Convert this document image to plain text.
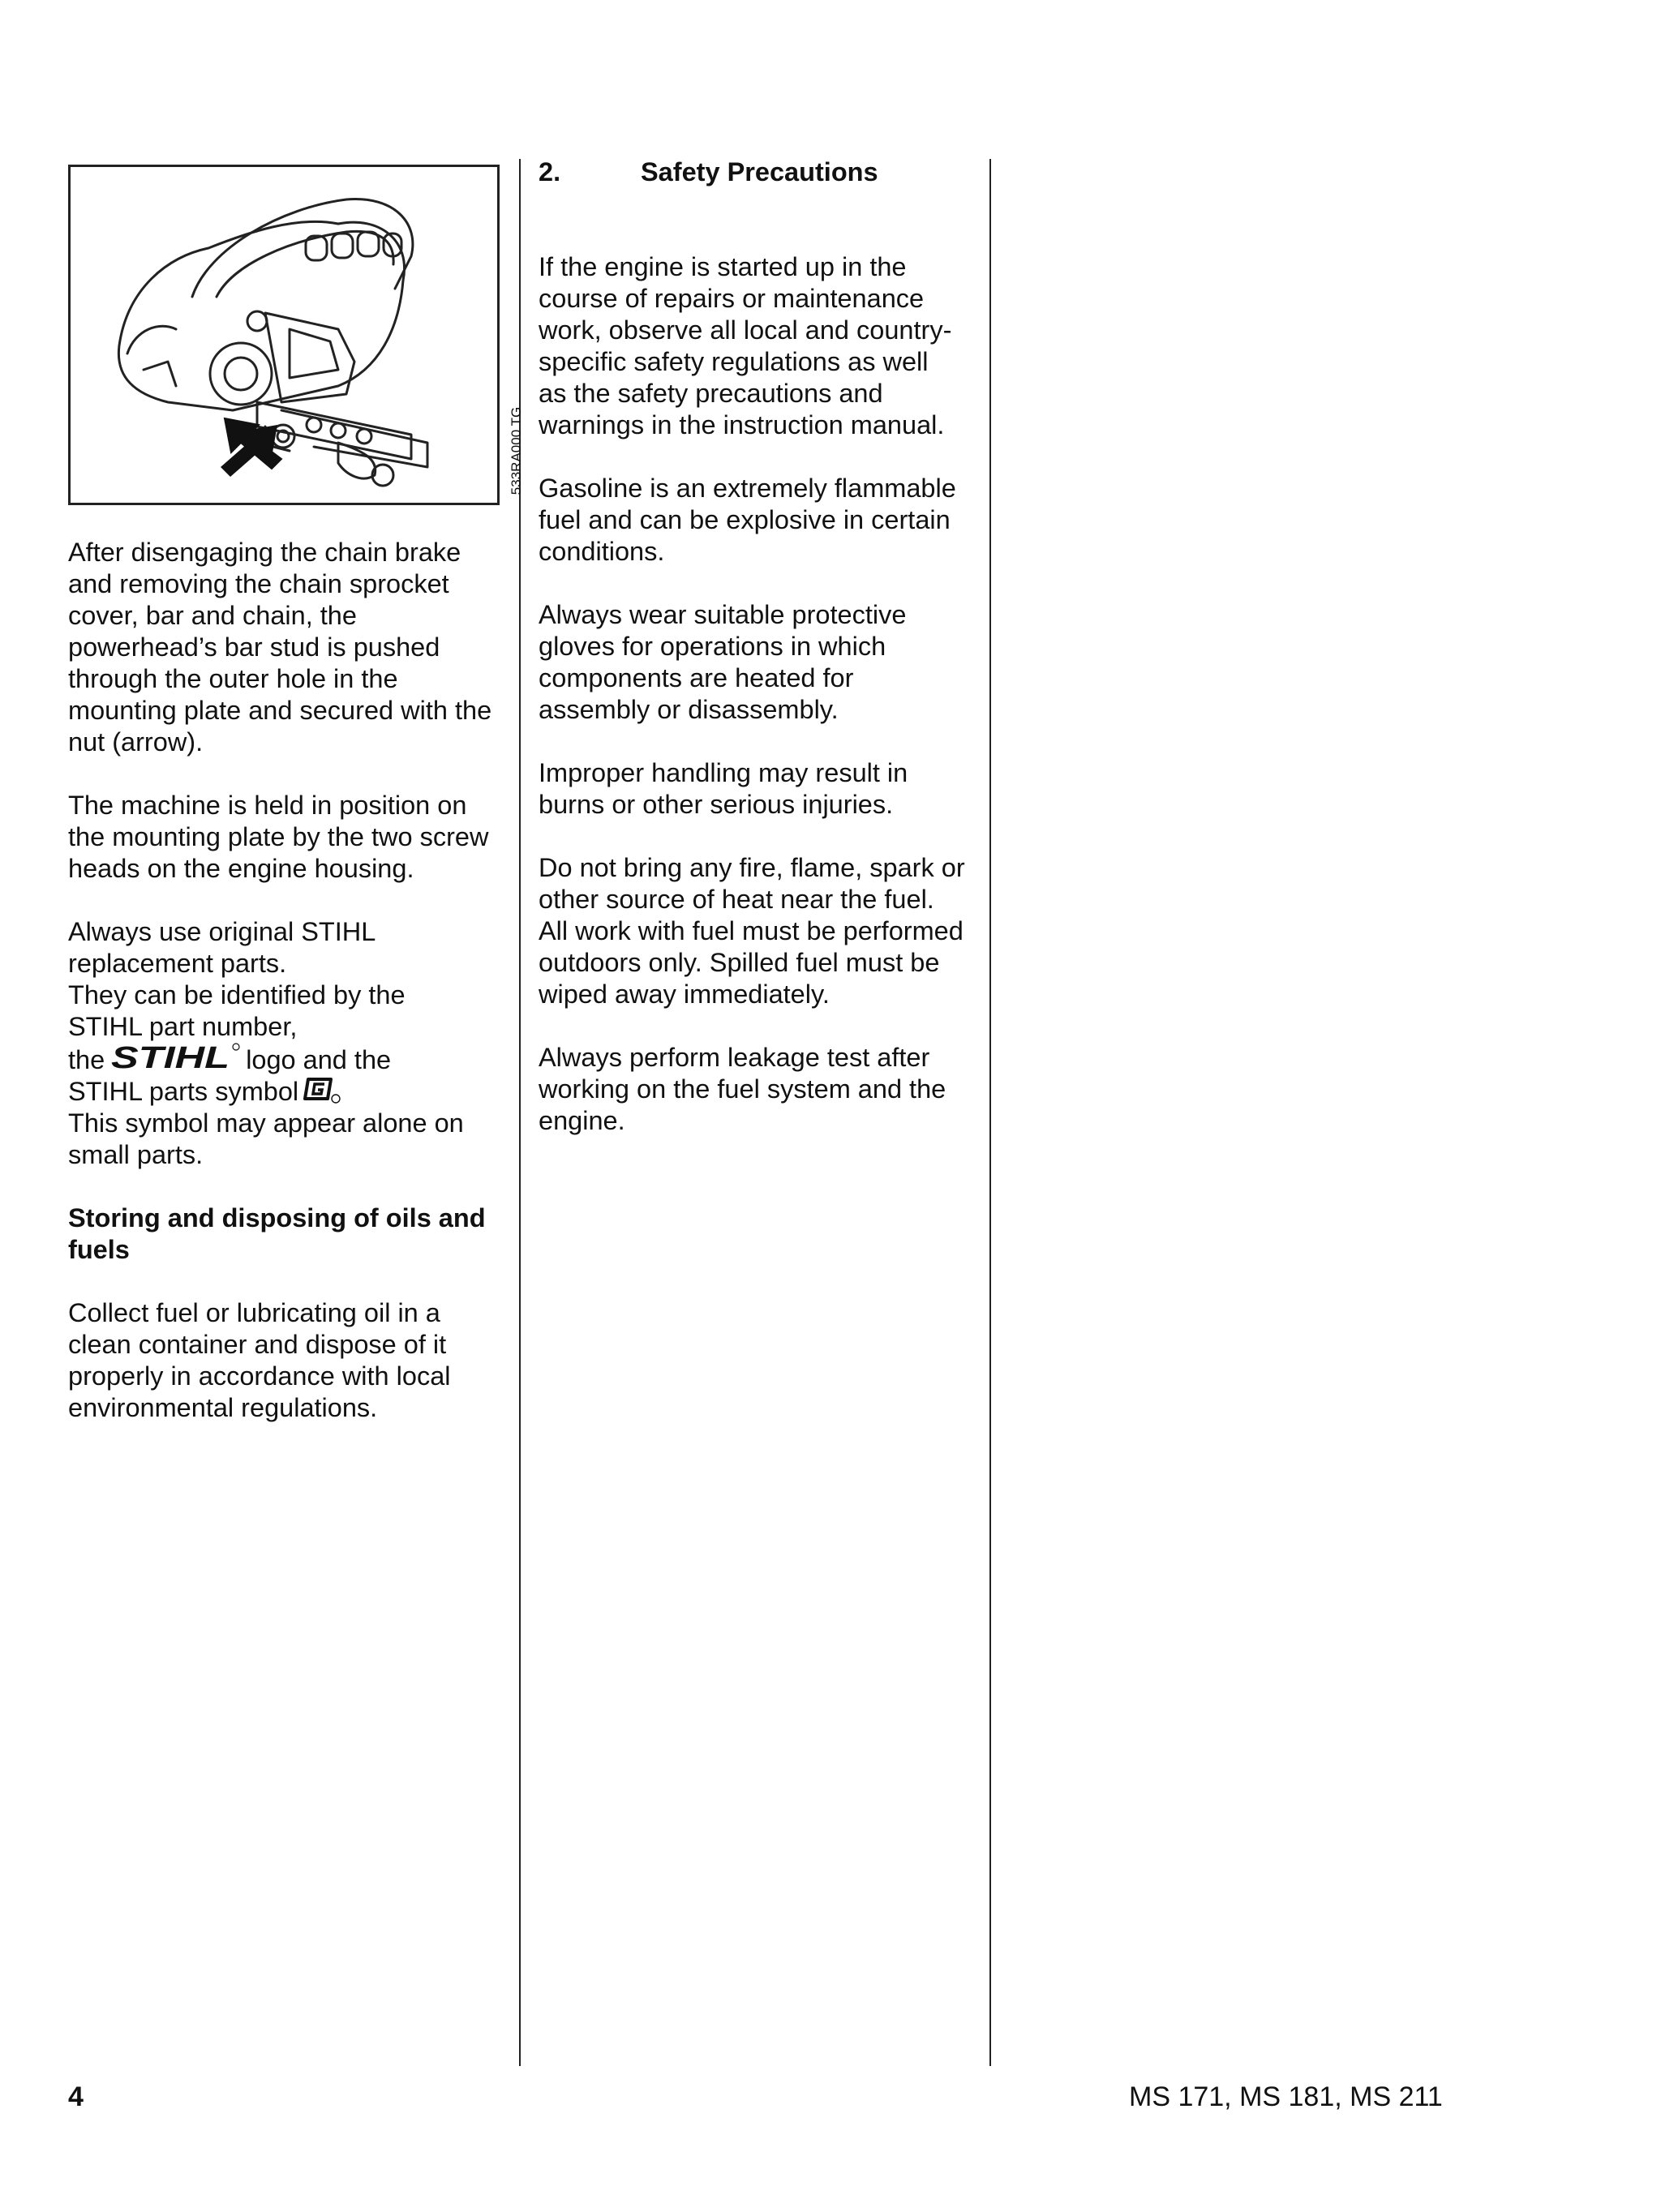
533RA000 TG

After disengaging the chain brake
and removing the chain sprocket
cover, bar and chain, the
powerhead’s bar stud is pushed
through the outer hole in the
mounting plate and secured with the
nut (arrow).

The machine is held in position on
the mounting plate by the two screw
heads on the engine housing.

Always use original STIHL
replacement parts.
They can be identified by the
STIHL part number,
the STIHL logo and the
STIHL parts symbol
This symbol may appear alone on
small parts.

Storing and disposing of oils and
fuels

Collect fuel or lubricating oil in a
clean container and dispose of it
properly in accordance with local
environmental regulations.

2.	Safety Precautions

If the engine is started up in the
course of repairs or maintenance
work, observe all local and country-
specific safety regulations as well
as the safety precautions and
warnings in the instruction manual.

Gasoline is an extremely flammable
fuel and can be explosive in certain
conditions.

Always wear suitable protective
gloves for operations in which
components are heated for
assembly or disassembly.

Improper handling may result in
burns or other serious injuries.

Do not bring any fire, flame, spark or
other source of heat near the fuel.
All work with fuel must be performed
outdoors only. Spilled fuel must be
wiped away immediately.

Always perform leakage test after
working on the fuel system and the
engine.

4	MS 171, MS 181, MS 211
